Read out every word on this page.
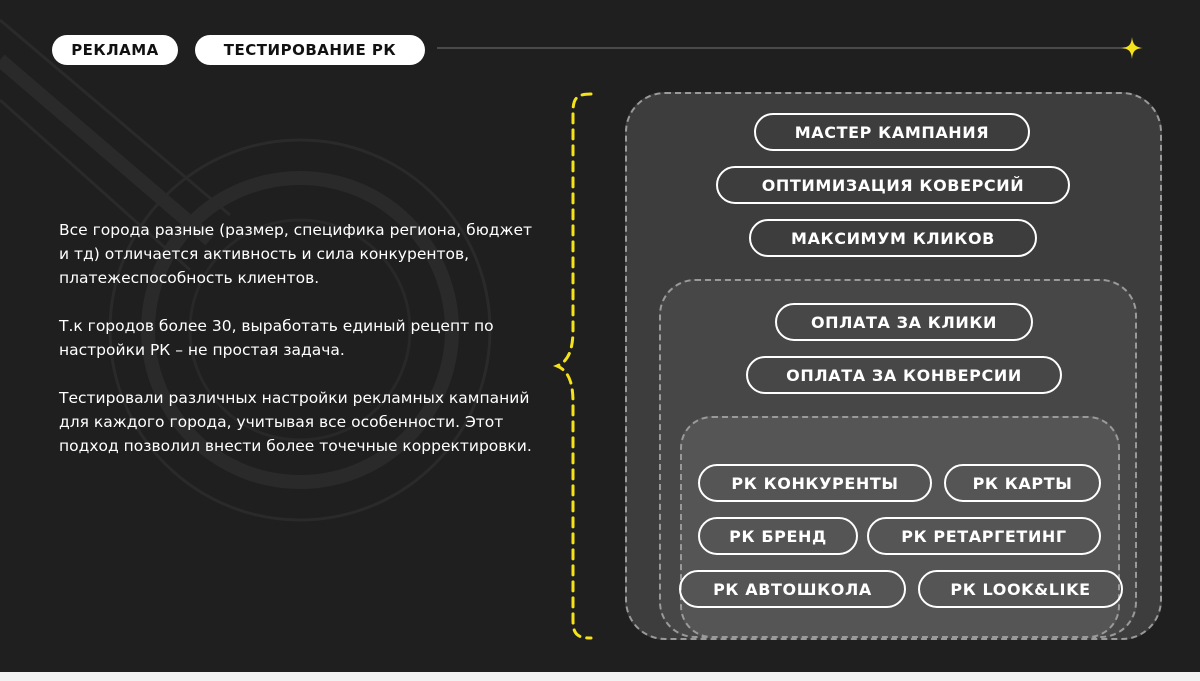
РЕКЛАМА	ТЕСТИРОВАНИЕ РК

Все города разные (размер, специфика региона, бюджет и тд) отличается активность и сила конкурентов, платежеспособность клиентов.

Т.к городов более 30, выработать единый рецепт по настройки РК – не простая задача.

Тестировали различных настройки рекламных кампаний для каждого города, учитывая все особенности. Этот подход позволил внести более точечные корректировки.

МАСТЕР КАМПАНИЯ
ОПТИМИЗАЦИЯ КОВЕРСИЙ
МАКСИМУМ КЛИКОВ
ОПЛАТА ЗА КЛИКИ
ОПЛАТА ЗА КОНВЕРСИИ
РК КОНКУРЕНТЫ	РК КАРТЫ
РК БРЕНД	РК РЕТАРГЕТИНГ
РК АВТОШКОЛА	РК LOOK&LIKE
